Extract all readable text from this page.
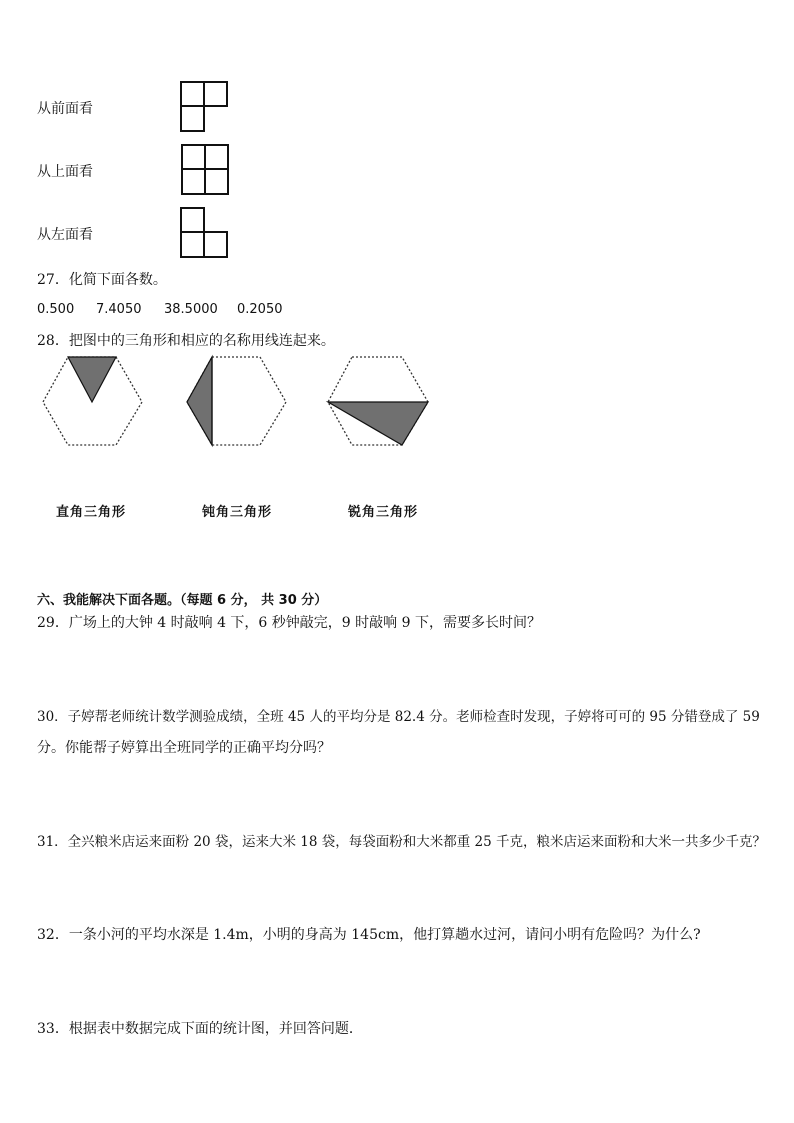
从前面看
从上面看
从左面看
27．化简下面各数。
0.500 7.4050 38.5000 0.2050
28．把图中的三角形和相应的名称用线连起来。
直角三角形	钝角三角形	锐角三角形
六、我能解决下面各题。（每题 6 分， 共 30 分）
29．广场上的大钟 4 时敲响 4 下，6 秒钟敲完，9 时敲响 9 下，需要多长时间？
30．子婷帮老师统计数学测验成绩，全班 45 人的平均分是 82.4 分。老师检查时发现，子婷将可可的 95 分错登成了 59
分。你能帮子婷算出全班同学的正确平均分吗？
31．全兴粮米店运来面粉 20 袋，运来大米 18 袋，每袋面粉和大米都重 25 千克，粮米店运来面粉和大米一共多少千克？
32．一条小河的平均水深是 1.4m，小明的身高为 145cm，他打算趟水过河，请问小明有危险吗？为什么?
33．根据表中数据完成下面的统计图，并回答问题．
